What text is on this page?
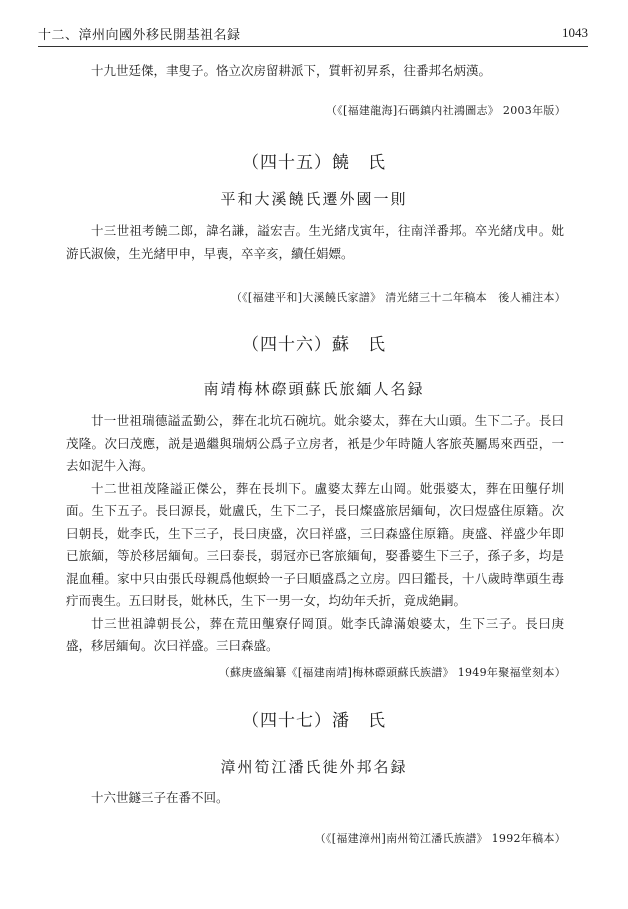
十二、漳州向國外移民開基祖名録	1043

十九世廷傑，聿叟子。恪立次房留耕派下，質軒初昇系，往番邦名炳漢。

（《[福建龍海]石碼鎮内社鴻圖志》 2003年版）
（四十五）饒　氏
平和大溪饒氏遷外國一則

十三世祖考饒二郎，諱名謙，謚宏吉。生光緒戊寅年，往南洋番邦。卒光緒戊申。妣游氏淑儉，生光緒甲申，早喪，卒辛亥，續任娟嫖。

（《[福建平和]大溪饒氏家譜》 清光緒三十二年稿本　後人補注本）
（四十六）蘇　氏
南靖梅林磜頭蘇氏旅緬人名録

廿一世祖瑞德謚孟勤公，葬在北坑石碗坑。妣余婆太，葬在大山頭。生下二子。長曰茂隆。次曰茂應，説是過繼與瑞炳公爲子立房者，衹是少年時隨人客旅英屬馬來西亞，一去如泥牛入海。

十二世祖茂隆謚正傑公，葬在長圳下。盧婆太葬左山岡。妣張婆太，葬在田壟仔圳面。生下五子。長曰源長，妣盧氏，生下二子，長曰燦盛旅居緬甸，次曰煜盛住原籍。次曰朝長，妣李氏，生下三子，長曰庚盛，次曰祥盛，三曰森盛住原籍。庚盛、祥盛少年即已旅緬，等於移居緬甸。三曰泰長，弱冠亦已客旅緬甸，娶番婆生下三子，孫子多，均是混血種。家中只由張氏母親爲他螟蛉一子曰順盛爲之立房。四曰鑑長，十八歲時準頭生毒疔而喪生。五曰財長，妣林氏，生下一男一女，均幼年夭折，竟成絶嗣。

廿三世祖諱朝長公，葬在荒田壟寮仔岡頂。妣李氏諱滿娘婆太，生下三子。長曰庚盛，移居緬甸。次曰祥盛。三曰森盛。

（蘇庚盛編纂《[福建南靖]梅林磜頭蘇氏族譜》 1949年聚福堂刻本）
（四十七）潘　氏
漳州筍江潘氏徙外邦名録

十六世鐩三子在番不回。

（《[福建漳州]南州筍江潘氏族譜》 1992年稿本）
